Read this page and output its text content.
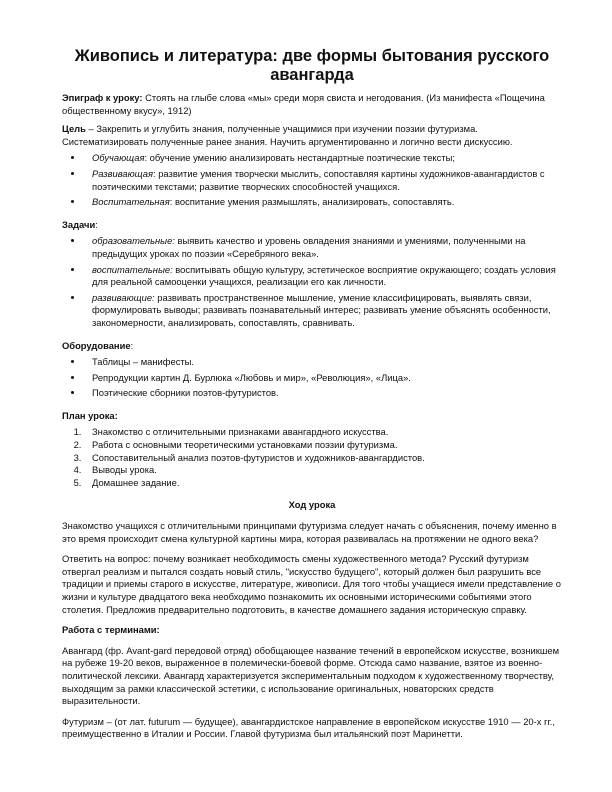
Живопись и литература: две формы бытования русского авангарда

Эпиграф к уроку: Стоять на глыбе слова «мы» среди моря свиста и негодования. (Из манифеста «Пощечина общественному вкусу», 1912)

Цель – Закрепить и углубить знания, полученные учащимися при изучении поэзии футуризма. Систематизировать полученные ранее знания. Научить аргументированно и логично вести дискуссию.

• Обучающая: обучение умению анализировать нестандартные поэтические тексты;
• Развивающая: развитие умения творчески мыслить, сопоставляя картины художников-авангардистов с поэтическими текстами; развитие творческих способностей учащихся.
• Воспитательная: воспитание умения размышлять, анализировать, сопоставлять.

Задачи:

• образовательные: выявить качество и уровень овладения знаниями и умениями, полученными на предыдущих уроках по поэзии «Серебряного века».
• воспитательные: воспитывать общую культуру, эстетическое восприятие окружающего; создать условия для реальной самооценки учащихся, реализации его как личности.
• развивающие: развивать пространственное мышление, умение классифицировать, выявлять связи, формулировать выводы; развивать познавательный интерес; развивать умение объяснять особенности, закономерности, анализировать, сопоставлять, сравнивать.

Оборудование:

• Таблицы – манифесты.
• Репродукции картин Д. Бурлюка «Любовь и мир», «Революция», «Лица».
• Поэтические сборники поэтов-футуристов.

План урока:

1. Знакомство с отличительными признаками авангардного искусства.
2. Работа с основными теоретическими установками поэзии футуризма.
3. Сопоставительный анализ поэтов-футуристов и художников-авангардистов.
4. Выводы урока.
5. Домашнее задание.

Ход урока

Знакомство учащихся с отличительными принципами футуризма следует начать с объяснения, почему именно в это время происходит смена культурной картины мира, которая развивалась на протяжении не одного века?

Ответить на вопрос: почему возникает необходимость смены художественного метода? Русский футуризм отвергал реализм и пытался создать новый стиль, "искусство будущего", который должен был разрушить все традиции и приемы старого в искусстве, литературе, живописи. Для того чтобы учащиеся имели представление о жизни и культуре двадцатого века необходимо познакомить их основными историческими событиями этого столетия. Предложив предварительно подготовить, в качестве домашнего задания историческую справку.

Работа с терминами:

Авангард (фр. Avant-gard передовой отряд) обобщающее название течений в европейском искусстве, возникшем на рубеже 19-20 веков, выраженное в полемически-боевой форме. Отсюда само название, взятое из военно-политической лексики. Авангард характеризуется экспериментальным подходом к художественному творчеству, выходящим за рамки классической эстетики, с использование оригинальных, новаторских средств выразительности.

Футуризм – (от лат. futurum — будущее), авангардистское направление в европейском искусстве 1910 — 20-х гг., преимущественно в Италии и России. Главой футуризма был итальянский поэт Маринетти.
